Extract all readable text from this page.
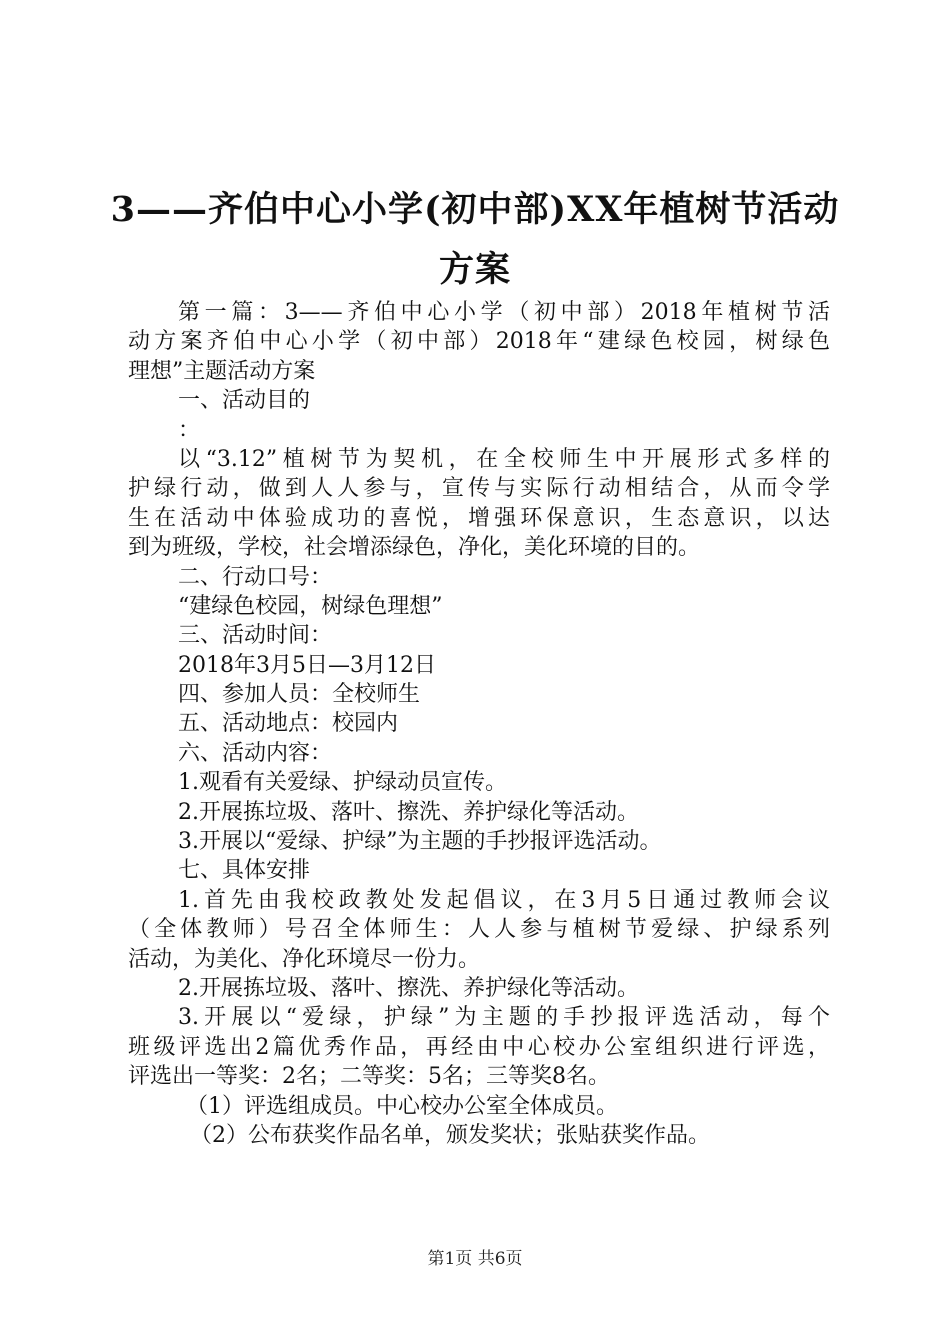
3——齐伯中心小学(初中部)XX年植树节活动
方案
第一篇：3——齐伯中心小学（初中部）2018年植树节活
动方案齐伯中心小学（初中部）2018年“建绿色校园，树绿色
理想”主题活动方案
一、活动目的
：
以“3.12”植树节为契机，在全校师生中开展形式多样的
护绿行动，做到人人参与，宣传与实际行动相结合，从而令学
生在活动中体验成功的喜悦，增强环保意识，生态意识，以达
到为班级，学校，社会增添绿色，净化，美化环境的目的。
二、行动口号：
“建绿色校园，树绿色理想”
三、活动时间：
2018年3月5日—3月12日
四、参加人员：全校师生
五、活动地点：校园内
六、活动内容：
1.观看有关爱绿、护绿动员宣传。
2.开展拣垃圾、落叶、擦洗、养护绿化等活动。
3.开展以“爱绿、护绿”为主题的手抄报评选活动。
七、具体安排
1.首先由我校政教处发起倡议，在3月5日通过教师会议
（全体教师）号召全体师生：人人参与植树节爱绿、护绿系列
活动，为美化、净化环境尽一份力。
2.开展拣垃圾、落叶、擦洗、养护绿化等活动。
3.开展以“爱绿，护绿”为主题的手抄报评选活动，每个
班级评选出2篇优秀作品，再经由中心校办公室组织进行评选，
评选出一等奖：2名；二等奖：5名；三等奖8名。
（1）评选组成员。中心校办公室全体成员。
（2）公布获奖作品名单，颁发奖状；张贴获奖作品。
第1页 共6页
